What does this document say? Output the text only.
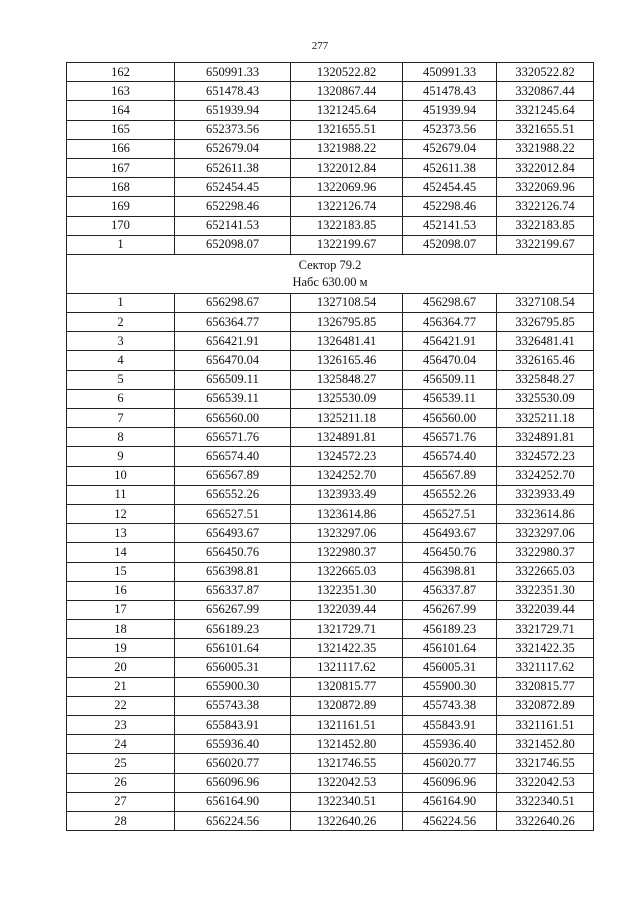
277
162	650991.33	1320522.82	450991.33	3320522.82
163	651478.43	1320867.44	451478.43	3320867.44
164	651939.94	1321245.64	451939.94	3321245.64
165	652373.56	1321655.51	452373.56	3321655.51
166	652679.04	1321988.22	452679.04	3321988.22
167	652611.38	1322012.84	452611.38	3322012.84
168	652454.45	1322069.96	452454.45	3322069.96
169	652298.46	1322126.74	452298.46	3322126.74
170	652141.53	1322183.85	452141.53	3322183.85
1	652098.07	1322199.67	452098.07	3322199.67

Сектор 79.2
Набс 630.00 м				

1	656298.67	1327108.54	456298.67	3327108.54
2	656364.77	1326795.85	456364.77	3326795.85
3	656421.91	1326481.41	456421.91	3326481.41
4	656470.04	1326165.46	456470.04	3326165.46
5	656509.11	1325848.27	456509.11	3325848.27
6	656539.11	1325530.09	456539.11	3325530.09
7	656560.00	1325211.18	456560.00	3325211.18
8	656571.76	1324891.81	456571.76	3324891.81
9	656574.40	1324572.23	456574.40	3324572.23
10	656567.89	1324252.70	456567.89	3324252.70
11	656552.26	1323933.49	456552.26	3323933.49
12	656527.51	1323614.86	456527.51	3323614.86
13	656493.67	1323297.06	456493.67	3323297.06
14	656450.76	1322980.37	456450.76	3322980.37
15	656398.81	1322665.03	456398.81	3322665.03
16	656337.87	1322351.30	456337.87	3322351.30
17	656267.99	1322039.44	456267.99	3322039.44
18	656189.23	1321729.71	456189.23	3321729.71
19	656101.64	1321422.35	456101.64	3321422.35
20	656005.31	1321117.62	456005.31	3321117.62
21	655900.30	1320815.77	455900.30	3320815.77
22	655743.38	1320872.89	455743.38	3320872.89
23	655843.91	1321161.51	455843.91	3321161.51
24	655936.40	1321452.80	455936.40	3321452.80
25	656020.77	1321746.55	456020.77	3321746.55
26	656096.96	1322042.53	456096.96	3322042.53
27	656164.90	1322340.51	456164.90	3322340.51
28	656224.56	1322640.26	456224.56	3322640.26
